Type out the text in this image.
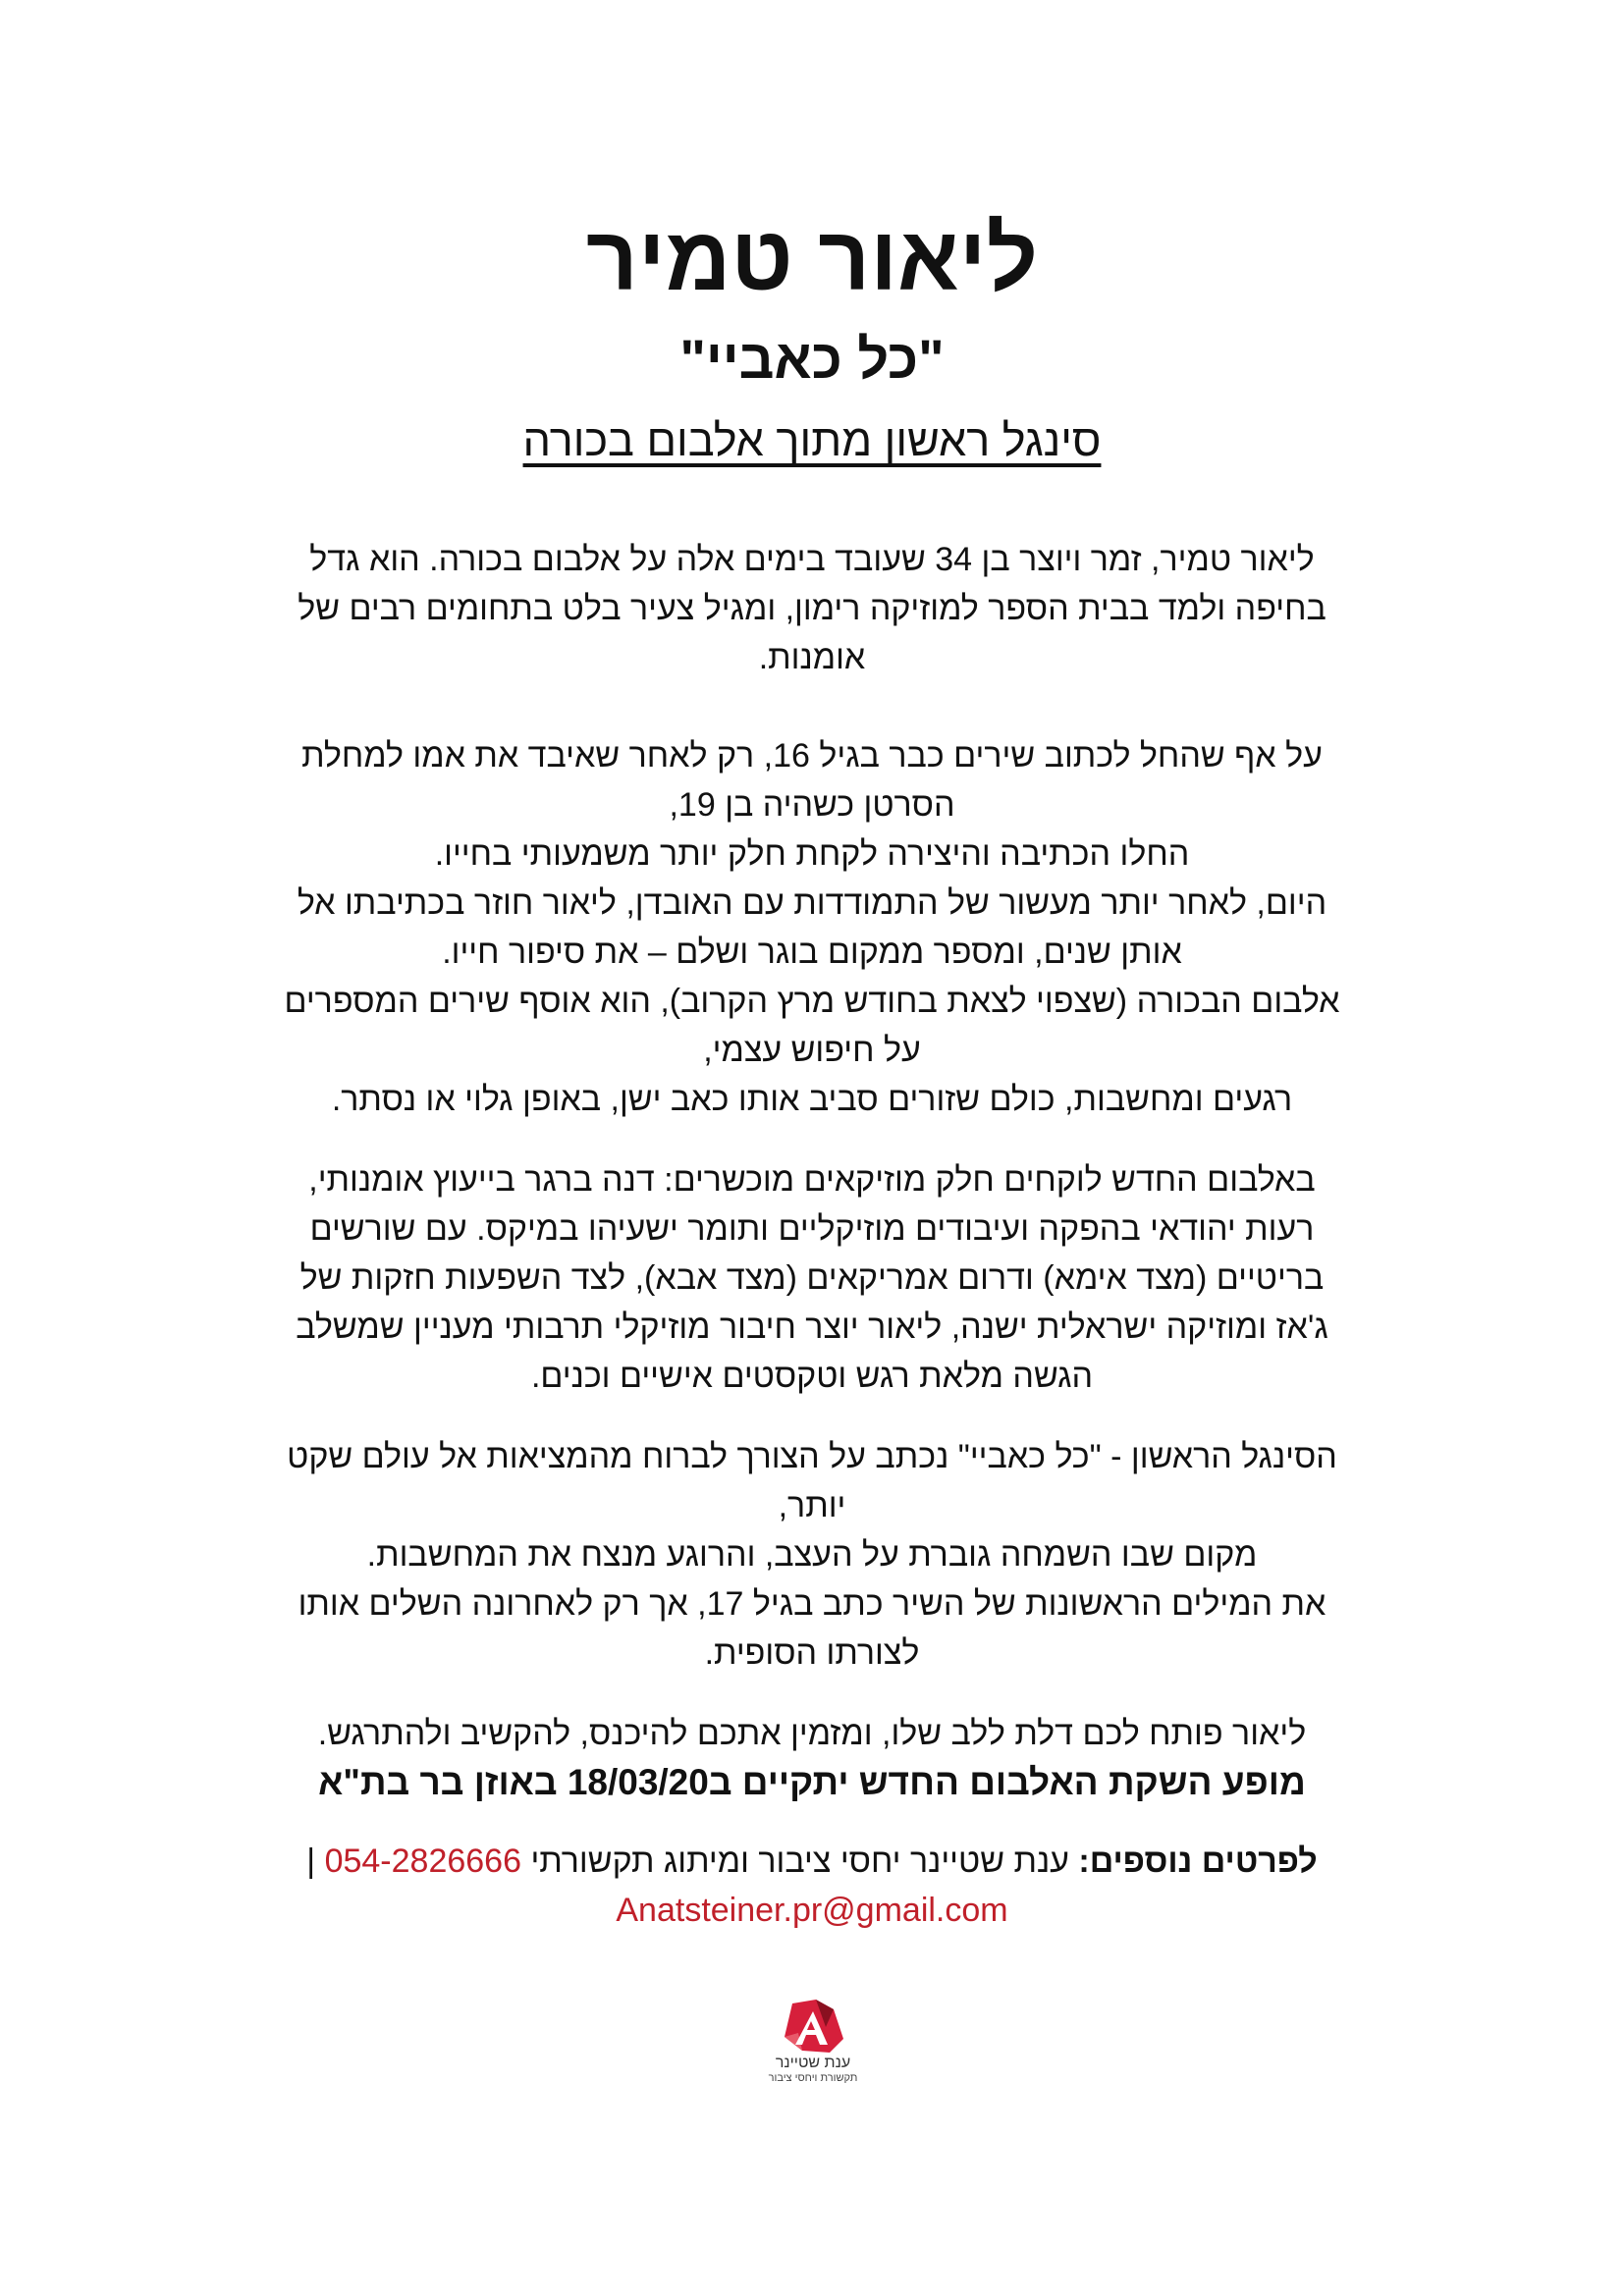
ליאור טמיר
"כל כאביי"
סינגל ראשון מתוך אלבום בכורה

ליאור טמיר, זמר ויוצר בן 34 שעובד בימים אלה על אלבום בכורה. הוא גדל

בחיפה ולמד בבית הספר למוזיקה רימון, ומגיל צעיר בלט בתחומים רבים של

אומנות.

על אף שהחל לכתוב שירים כבר בגיל 16, רק לאחר שאיבד את אמו למחלת

הסרטן כשהיה בן 19,

החלו הכתיבה והיצירה לקחת חלק יותר משמעותי בחייו.

היום, לאחר יותר מעשור של התמודדות עם האובדן, ליאור חוזר בכתיבתו אל

אותן שנים, ומספר ממקום בוגר ושלם – את סיפור חייו.

אלבום הבכורה (שצפוי לצאת בחודש מרץ הקרוב), הוא אוסף שירים המספרים

על חיפוש עצמי,

רגעים ומחשבות, כולם שזורים סביב אותו כאב ישן, באופן גלוי או נסתר.

באלבום החדש לוקחים חלק מוזיקאים מוכשרים: דנה ברגר בייעוץ אומנותי,

רעות יהודאי בהפקה ועיבודים מוזיקליים ותומר ישעיהו במיקס. עם שורשים

בריטיים (מצד אימא) ודרום אמריקאים (מצד אבא), לצד השפעות חזקות של

ג'אז ומוזיקה ישראלית ישנה, ליאור יוצר חיבור מוזיקלי תרבותי מעניין שמשלב

הגשה מלאת רגש וטקסטים אישיים וכנים.

הסינגל הראשון - "כל כאביי" נכתב על הצורך לברוח מהמציאות אל עולם שקט

יותר,

מקום שבו השמחה גוברת על העצב, והרוגע מנצח את המחשבות.

את המילים הראשונות של השיר כתב בגיל 17, אך רק לאחרונה השלים אותו

לצורתו הסופית.

ליאור פותח לכם דלת ללב שלו, ומזמין אתכם להיכנס, להקשיב ולהתרגש.

מופע השקת האלבום החדש יתקיים ב18/03/20 באוזן בר בת"א

לפרטים נוספים: ענת שטיינר יחסי ציבור ומיתוג תקשורתי 054-2826666 |
Anatsteiner.pr@gmail.com
ענת שטיינר
תקשורת ויחסי ציבור
